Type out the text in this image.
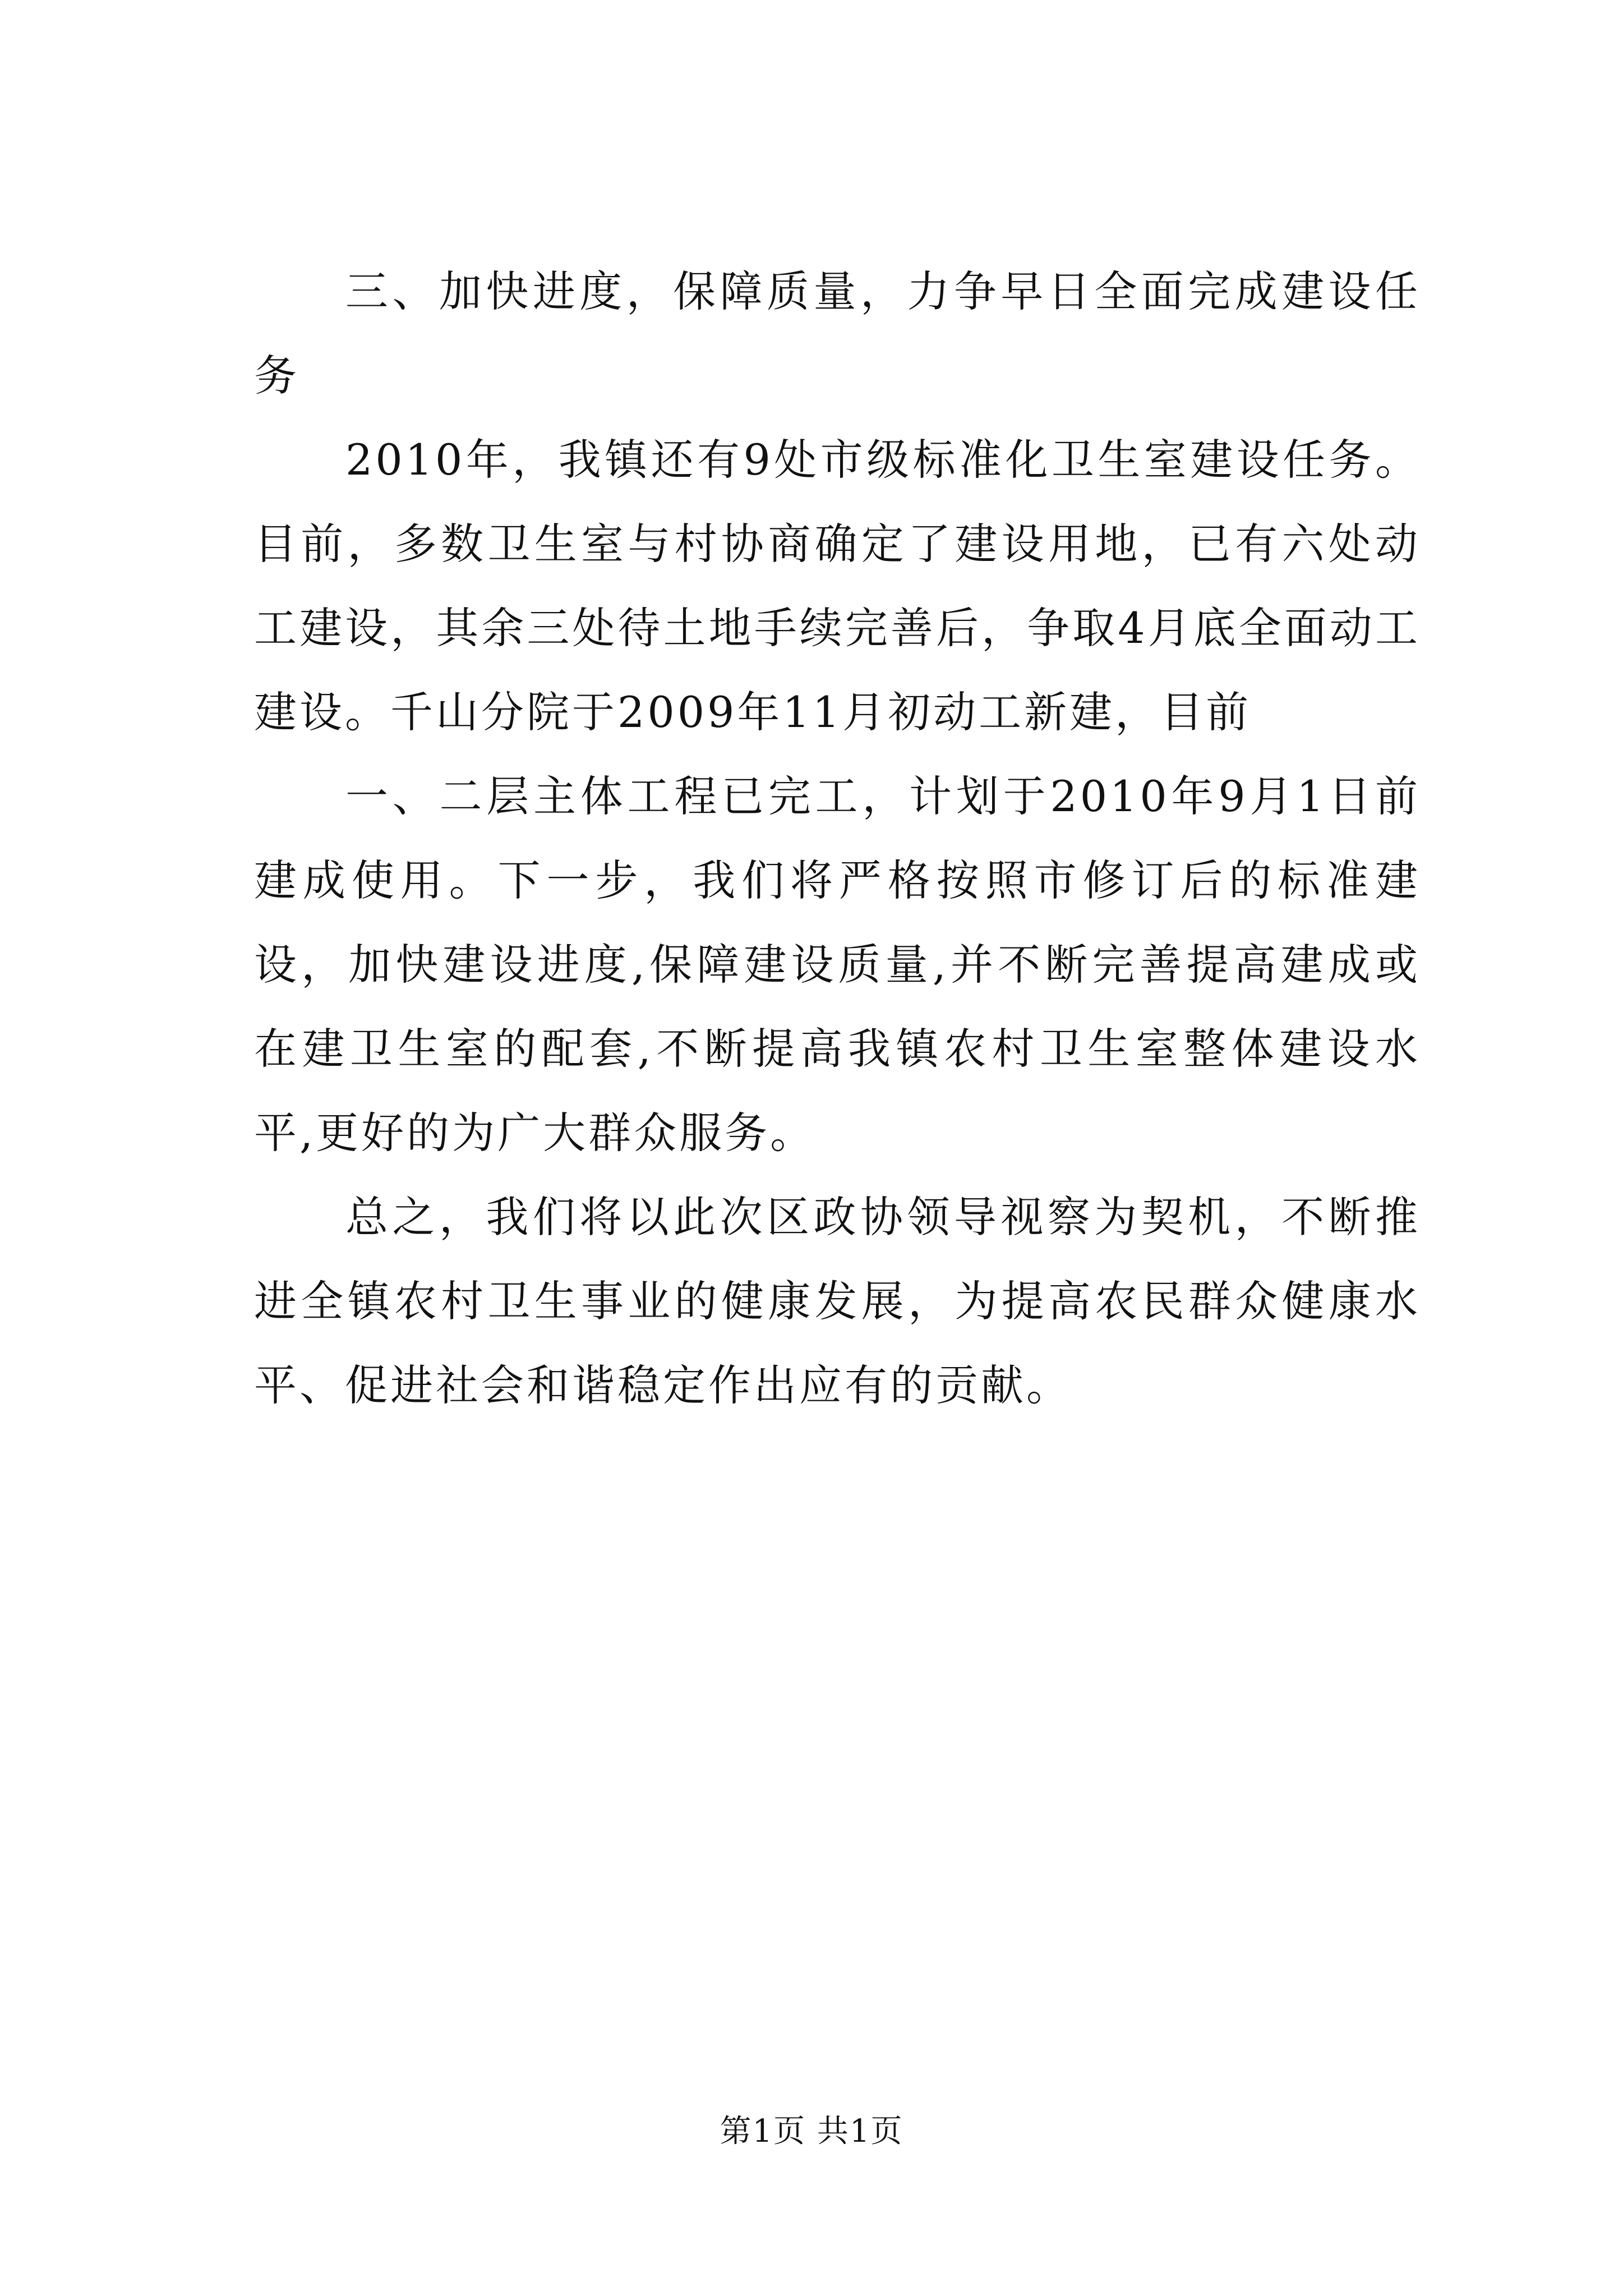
三、加快进度，保障质量，力争早日全面完成建设任务

2010年，我镇还有9处市级标准化卫生室建设任务。目前，多数卫生室与村协商确定了建设用地，已有六处动工建设，其余三处待土地手续完善后，争取4月底全面动工建设。千山分院于2009年11月初动工新建，目前

一、二层主体工程已完工，计划于2010年9月1日前建成使用。下一步，我们将严格按照市修订后的标准建设，加快建设进度,保障建设质量,并不断完善提高建成或在建卫生室的配套,不断提高我镇农村卫生室整体建设水平,更好的为广大群众服务。

总之，我们将以此次区政协领导视察为契机，不断推进全镇农村卫生事业的健康发展，为提高农民群众健康水平、促进社会和谐稳定作出应有的贡献。

第1页 共1页
